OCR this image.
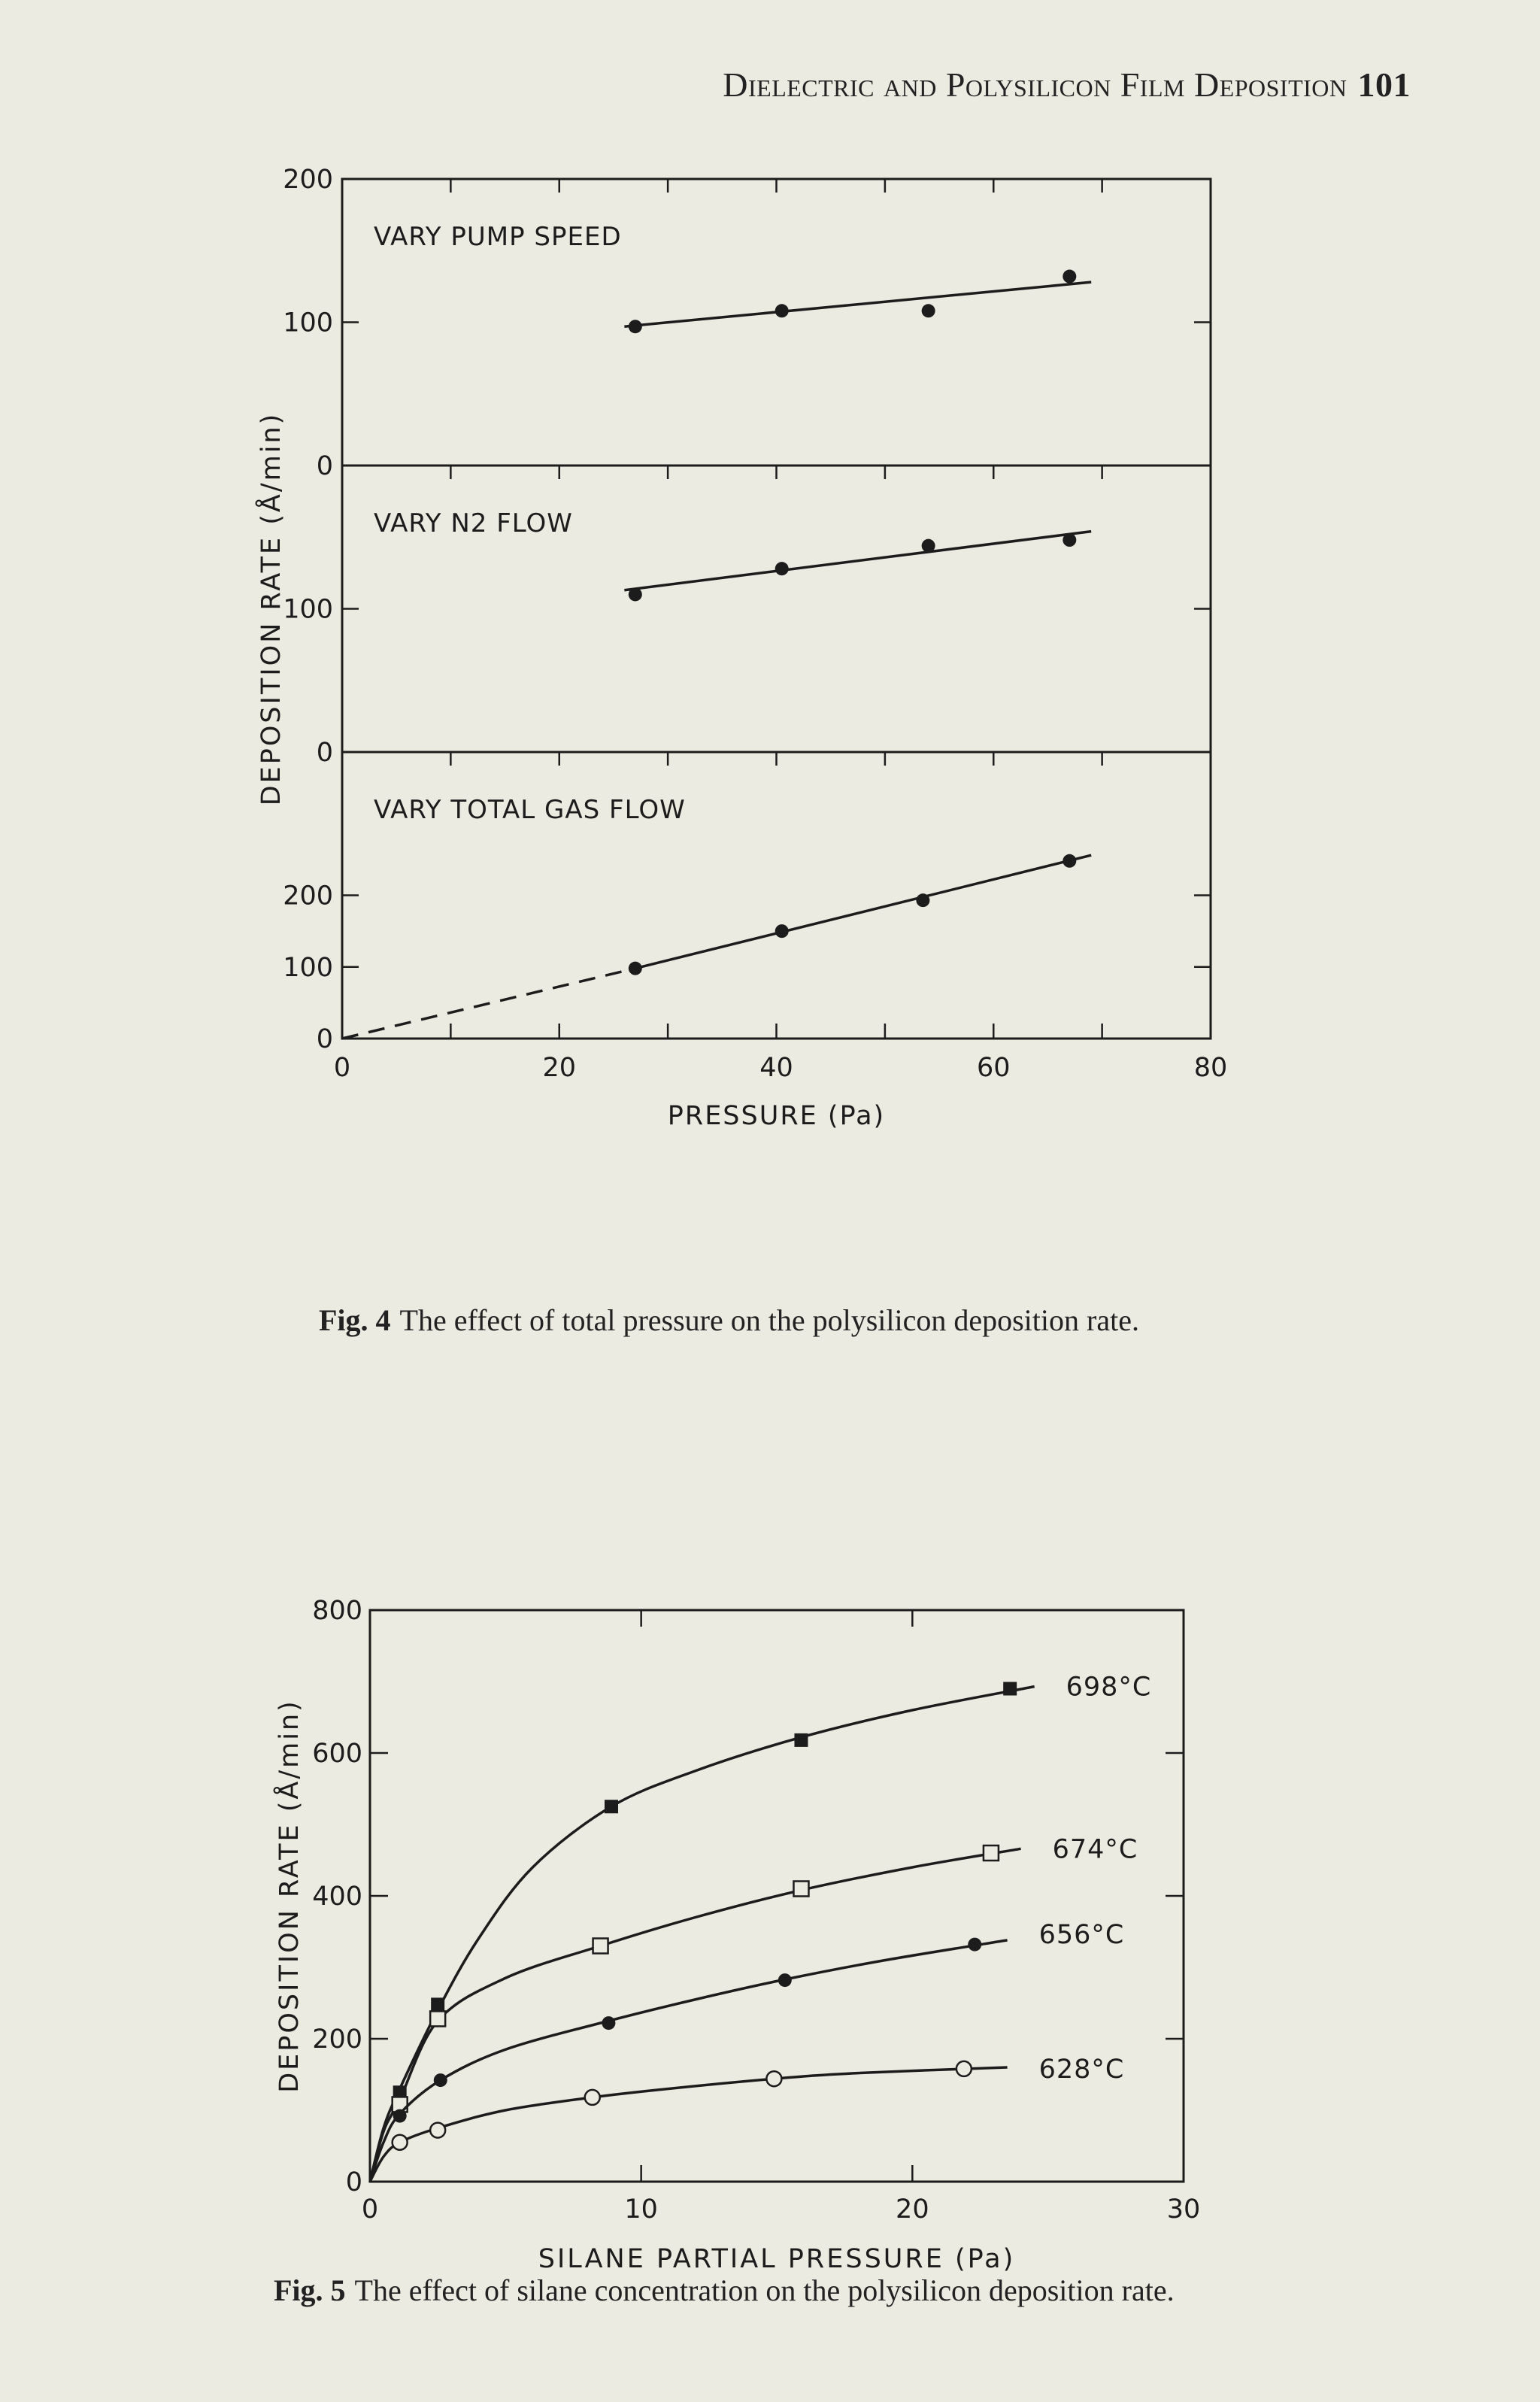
Dielectric and Polysilicon Film Deposition 101
0
100
200
VARY PUMP SPEED
0
100
VARY N2 FLOW
0
100
200
VARY TOTAL GAS FLOW
0	20	40	60	80
PRESSURE (Pa)
DEPOSITION RATE (Å/min)
Fig. 4 The effect of total pressure on the polysilicon deposition rate.
0
200
400
600
800
0	10	20	30
SILANE PARTIAL PRESSURE (Pa)
DEPOSITION RATE (Å/min)
698°C
674°C
656°C
628°C
Fig. 5 The effect of silane concentration on the polysilicon deposition rate.
